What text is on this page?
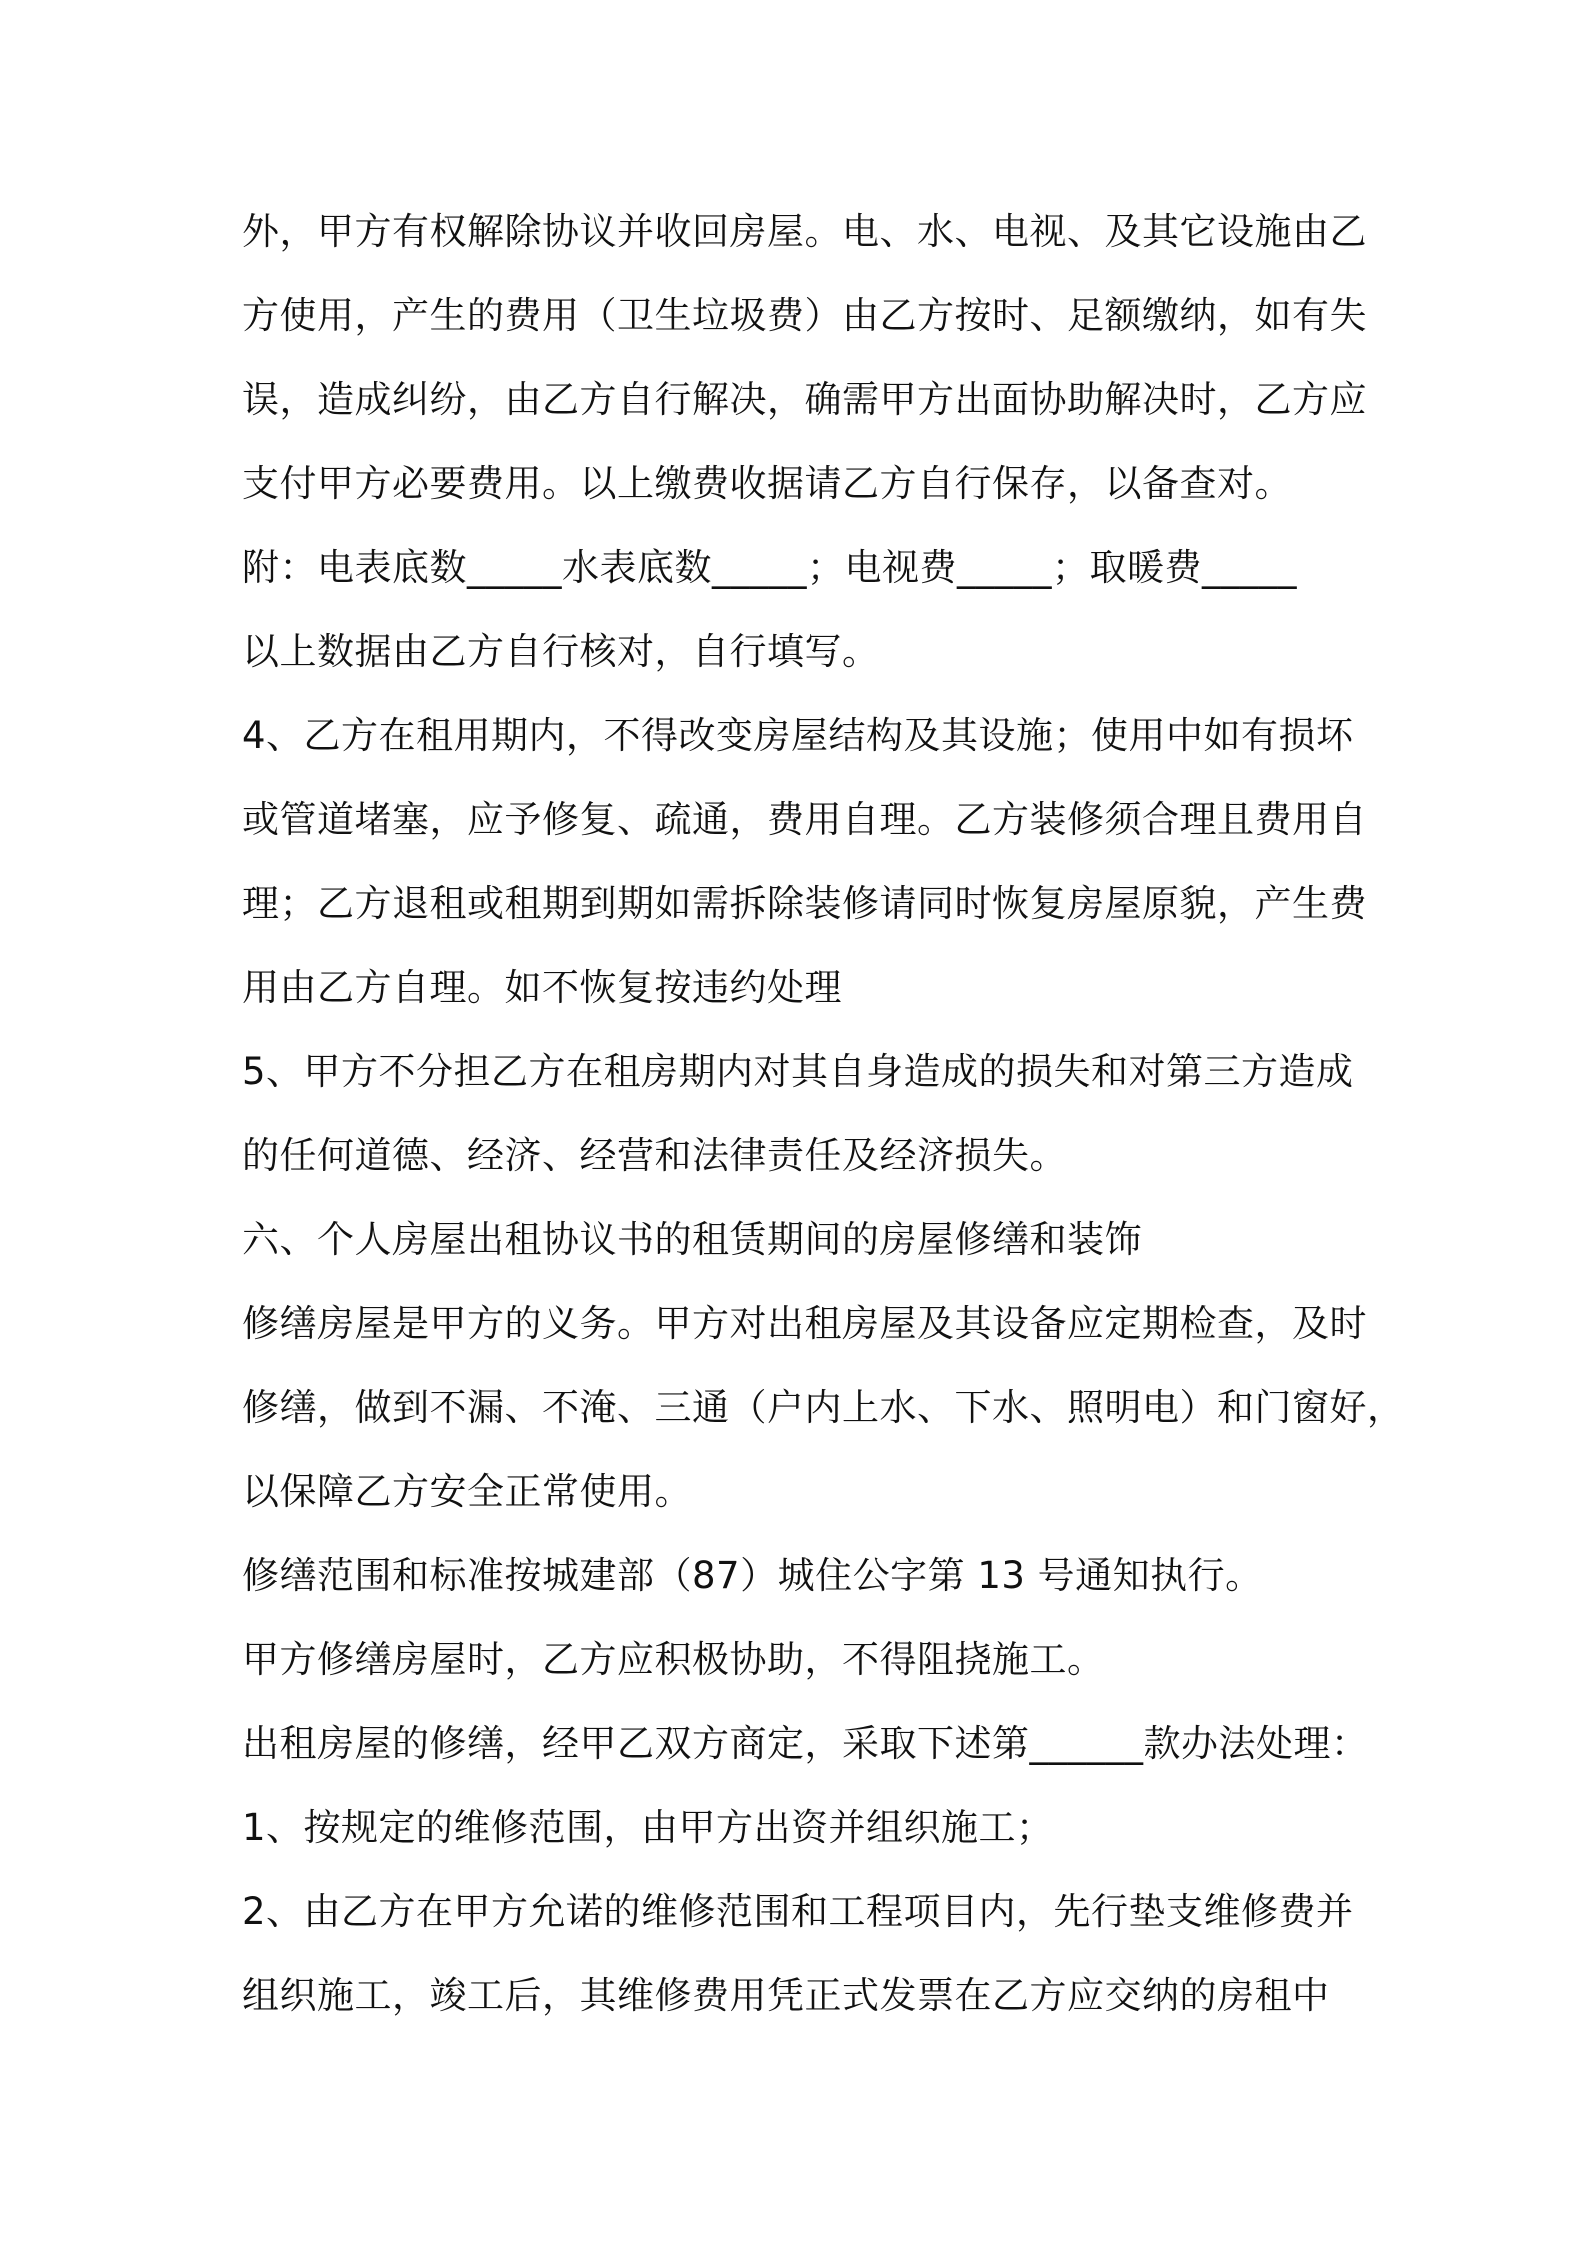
外，甲方有权解除协议并收回房屋。电、水、电视、及其它设施由乙
方使用，产生的费用（卫生垃圾费）由乙方按时、足额缴纳，如有失
误，造成纠纷，由乙方自行解决，确需甲方出面协助解决时，乙方应
支付甲方必要费用。以上缴费收据请乙方自行保存，以备查对。
附：电表底数_____水表底数_____；电视费_____；取暖费_____
以上数据由乙方自行核对，自行填写。
4、乙方在租用期内，不得改变房屋结构及其设施；使用中如有损坏
或管道堵塞，应予修复、疏通，费用自理。乙方装修须合理且费用自
理；乙方退租或租期到期如需拆除装修请同时恢复房屋原貌，产生费
用由乙方自理。如不恢复按违约处理
5、甲方不分担乙方在租房期内对其自身造成的损失和对第三方造成
的任何道德、经济、经营和法律责任及经济损失。
六、个人房屋出租协议书的租赁期间的房屋修缮和装饰
修缮房屋是甲方的义务。甲方对出租房屋及其设备应定期检查，及时
修缮，做到不漏、不淹、三通（户内上水、下水、照明电）和门窗好，
以保障乙方安全正常使用。
修缮范围和标准按城建部（87）城住公字第 13 号通知执行。
甲方修缮房屋时，乙方应积极协助，不得阻挠施工。
出租房屋的修缮，经甲乙双方商定，采取下述第______款办法处理：
1、按规定的维修范围，由甲方出资并组织施工；
2、由乙方在甲方允诺的维修范围和工程项目内，先行垫支维修费并
组织施工，竣工后，其维修费用凭正式发票在乙方应交纳的房租中
